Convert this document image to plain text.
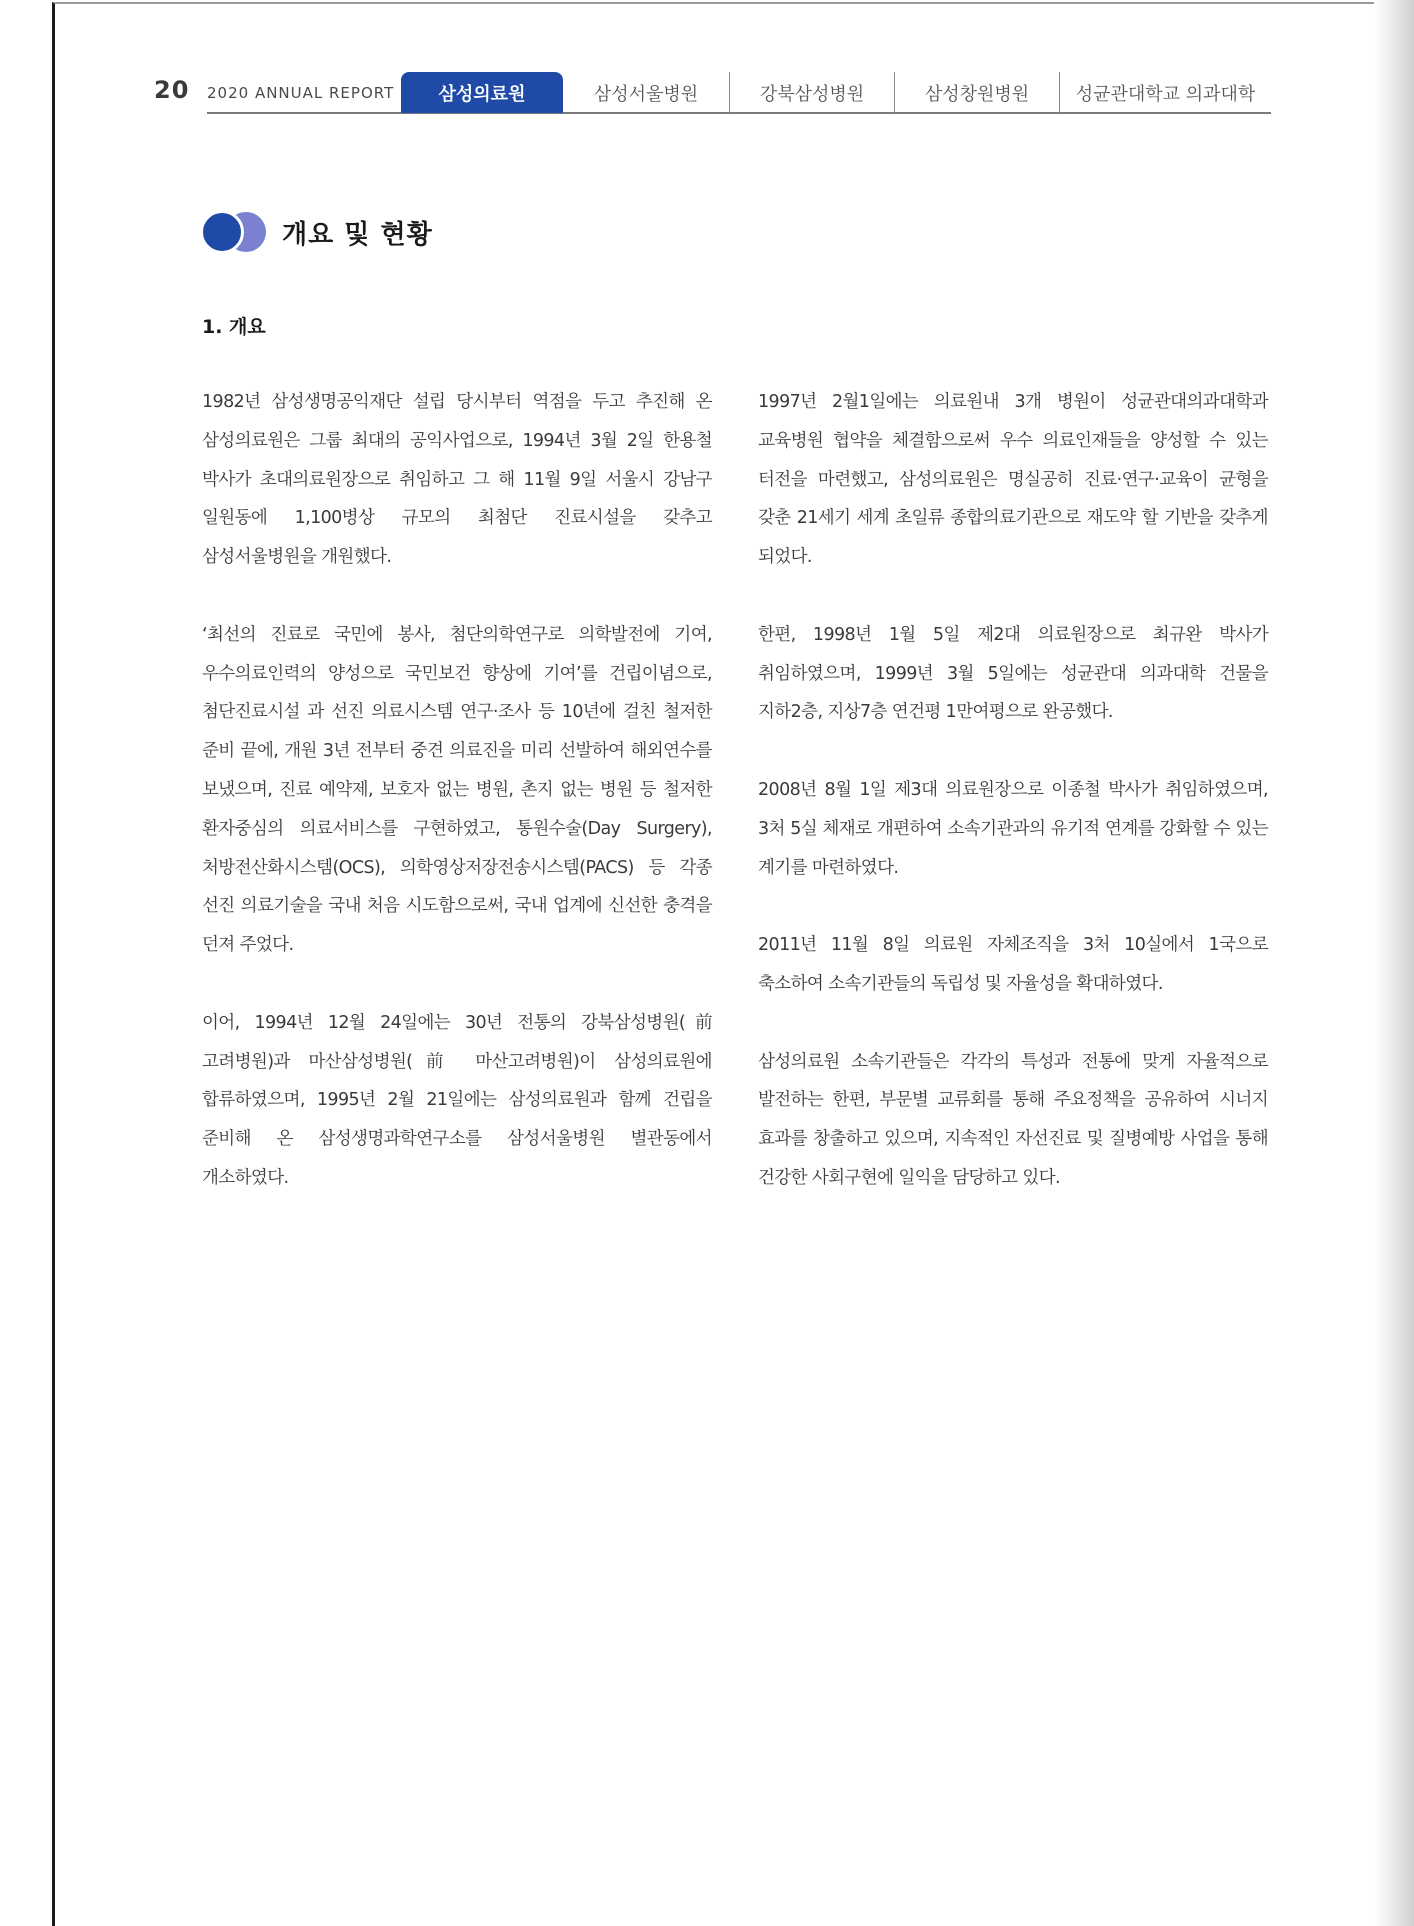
20 2020 ANNUAL REPORT 삼성의료원	삼성서울병원	강북삼성병원	삼성창원병원	성균관대학교 의과대학
개요 및 현황
1. 개요

1982년 삼성생명공익재단 설립 당시부터 역점을 두고 추진해 온 삼성의료원은 그룹 최대의 공익사업으로, 1994년 3월 2일 한용철 박사가 초대의료원장으로 취임하고 그 해 11월 9일 서울시 강남구 일원동에 1,100병상 규모의 최첨단 진료시설을 갖추고 삼성서울병원을 개원했다.

‘최선의 진료로 국민에 봉사, 첨단의학연구로 의학발전에 기여, 우수의료인력의 양성으로 국민보건 향상에 기여’를 건립이념으로, 첨단진료시설 과 선진 의료시스템 연구·조사 등 10년에 걸친 철저한 준비 끝에, 개원 3년 전부터 중견 의료진을 미리 선발하여 해외연수를 보냈으며, 진료 예약제, 보호자 없는 병원, 촌지 없는 병원 등 철저한 환자중심의 의료서비스를 구현하였고, 통원수술(Day Surgery), 처방전산화시스템(OCS), 의학영상저장전송시스템(PACS) 등 각종 선진 의료기술을 국내 처음 시도함으로써, 국내 업계에 신선한 충격을 던져 주었다.

이어, 1994년 12월 24일에는 30년 전통의 강북삼성병원(前 고려병원)과 마산삼성병원(前 마산고려병원)이 삼성의료원에 합류하였으며, 1995년 2월 21일에는 삼성의료원과 함께 건립을 준비해 온 삼성생명과학연구소를 삼성서울병원 별관동에서 개소하였다.

1997년 2월1일에는 의료원내 3개 병원이 성균관대의과대학과 교육병원 협약을 체결함으로써 우수 의료인재들을 양성할 수 있는 터전을 마련했고, 삼성의료원은 명실공히 진료·연구·교육이 균형을 갖춘 21세기 세계 초일류 종합의료기관으로 재도약 할 기반을 갖추게 되었다.

한편, 1998년 1월 5일 제2대 의료원장으로 최규완 박사가 취임하였으며, 1999년 3월 5일에는 성균관대 의과대학 건물을 지하2층, 지상7층 연건평 1만여평으로 완공했다.

2008년 8월 1일 제3대 의료원장으로 이종철 박사가 취임하였으며, 3처 5실 체재로 개편하여 소속기관과의 유기적 연계를 강화할 수 있는 계기를 마련하였다.

2011년 11월 8일 의료원 자체조직을 3처 10실에서 1국으로 축소하여 소속기관들의 독립성 및 자율성을 확대하였다.

삼성의료원 소속기관들은 각각의 특성과 전통에 맞게 자율적으로 발전하는 한편, 부문별 교류회를 통해 주요정책을 공유하여 시너지 효과를 창출하고 있으며, 지속적인 자선진료 및 질병예방 사업을 통해 건강한 사회구현에 일익을 담당하고 있다.
